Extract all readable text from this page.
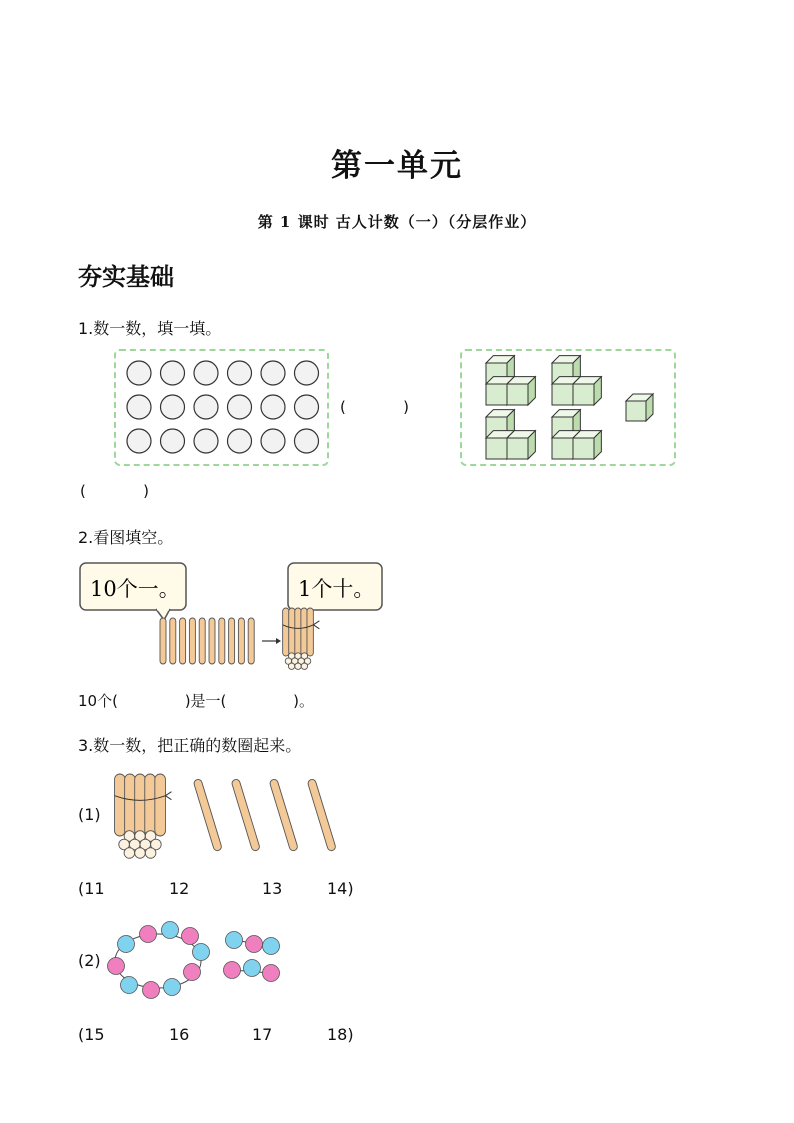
第一单元
第 1 课时 古人计数（一）（分层作业）
夯实基础
1.数一数，填一填。
(            )
(            )
2.看图填空。
10个一。	1个十。
10个(              )是一(              )。
3.数一数，把正确的数圈起来。
(1)
(11	12	13	14)
(2)
(15	16	17	18)
